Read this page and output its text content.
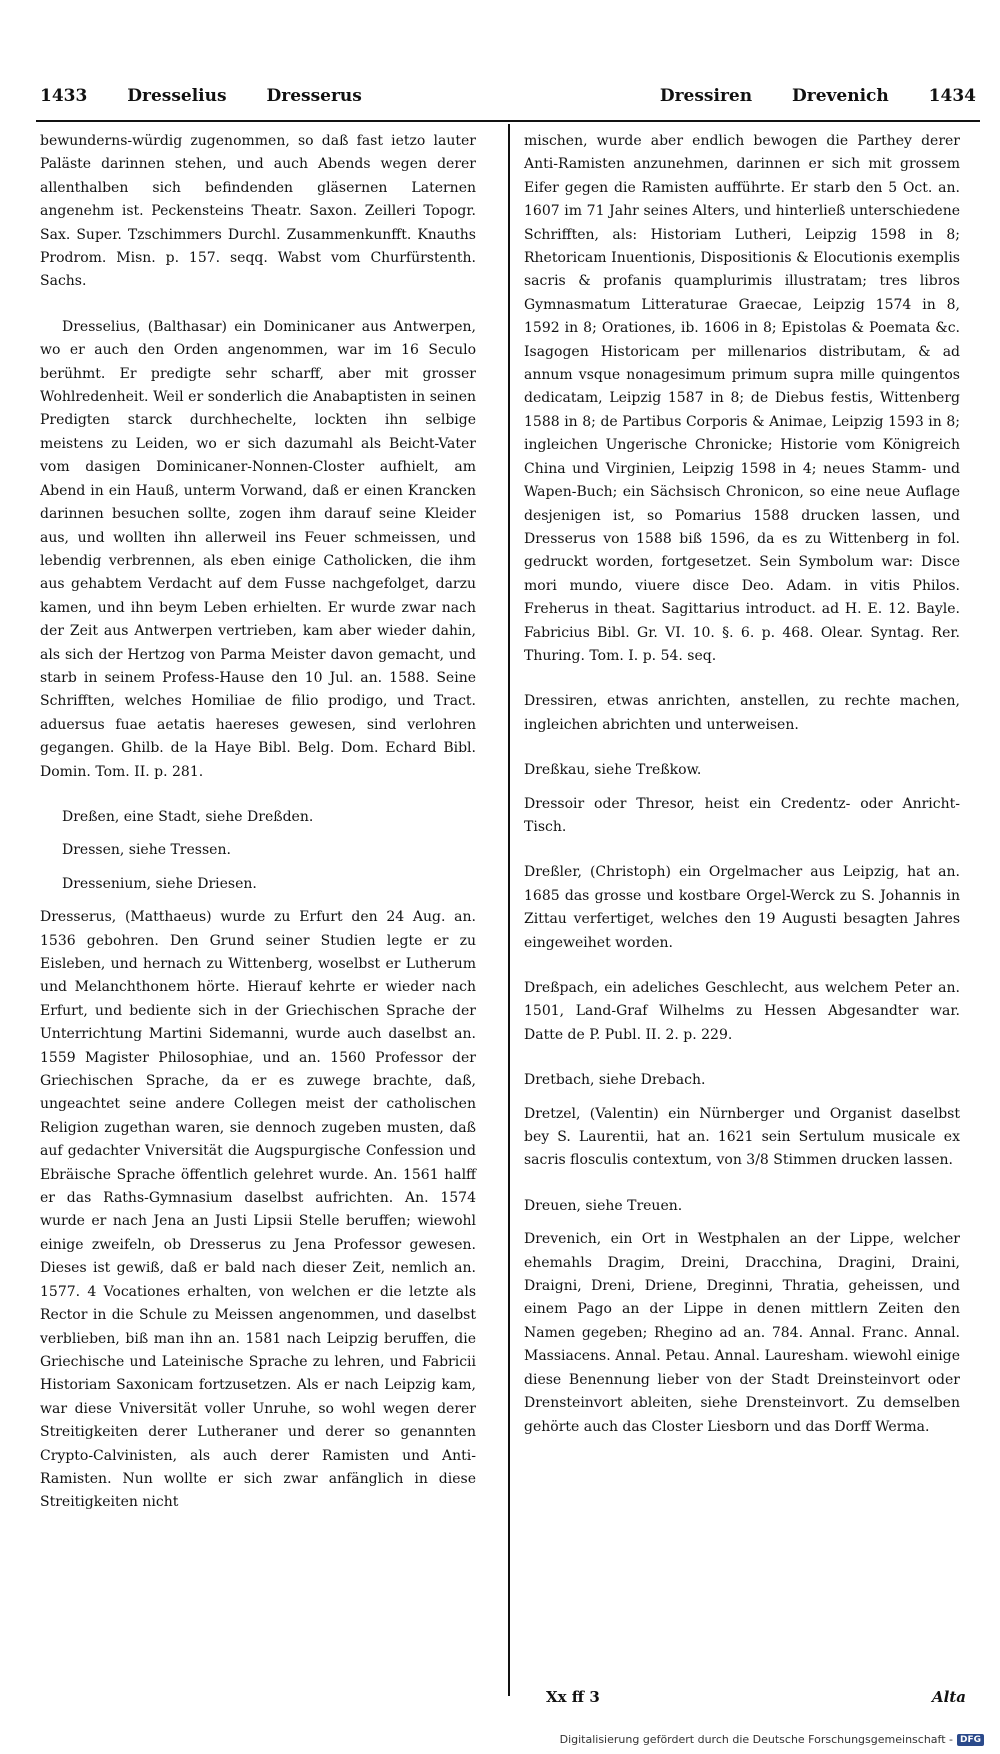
1433 Dresselius Dresserus	Dressiren Drevenich 1434

bewunderns-würdig zugenommen, so daß fast ietzo lauter Paläste darinnen stehen, und auch Abends wegen derer allenthalben sich befindenden gläsernen Laternen angenehm ist. Peckensteins Theatr. Saxon. Zeilleri Topogr. Sax. Super. Tzschimmers Durchl. Zusammenkunfft. Knauths Prodrom. Misn. p. 157. seqq. Wabst vom Churfürstenth. Sachs.

Dresselius, (Balthasar) ein Dominicaner aus Antwerpen, wo er auch den Orden angenommen, war im 16 Seculo berühmt. Er predigte sehr scharff, aber mit grosser Wohlredenheit. Weil er sonderlich die Anabaptisten in seinen Predigten starck durchhechelte, lockten ihn selbige meistens zu Leiden, wo er sich dazumahl als Beicht-Vater vom dasigen Dominicaner-Nonnen-Closter aufhielt, am Abend in ein Hauß, unterm Vorwand, daß er einen Krancken darinnen besuchen sollte, zogen ihm darauf seine Kleider aus, und wollten ihn allerweil ins Feuer schmeissen, und lebendig verbrennen, als eben einige Catholicken, die ihm aus gehabtem Verdacht auf dem Fusse nachgefolget, darzu kamen, und ihn beym Leben erhielten. Er wurde zwar nach der Zeit aus Antwerpen vertrieben, kam aber wieder dahin, als sich der Hertzog von Parma Meister davon gemacht, und starb in seinem Profess-Hause den 10 Jul. an. 1588. Seine Schrifften, welches Homiliae de filio prodigo, und Tract. aduersus fuae aetatis haereses gewesen, sind verlohren gegangen. Ghilb. de la Haye Bibl. Belg. Dom. Echard Bibl. Domin. Tom. II. p. 281.

Dreßen, eine Stadt, siehe Dreßden.

Dressen, siehe Tressen.

Dressenium, siehe Driesen.

Dresserus, (Matthaeus) wurde zu Erfurt den 24 Aug. an. 1536 gebohren. Den Grund seiner Studien legte er zu Eisleben, und hernach zu Wittenberg, woselbst er Lutherum und Melanchthonem hörte. Hierauf kehrte er wieder nach Erfurt, und bediente sich in der Griechischen Sprache der Unterrichtung Martini Sidemanni, wurde auch daselbst an. 1559 Magister Philosophiae, und an. 1560 Professor der Griechischen Sprache, da er es zuwege brachte, daß, ungeachtet seine andere Collegen meist der catholischen Religion zugethan waren, sie dennoch zugeben musten, daß auf gedachter Vniversität die Augspurgische Confession und Ebräische Sprache öffentlich gelehret wurde. An. 1561 halff er das Raths-Gymnasium daselbst aufrichten. An. 1574 wurde er nach Jena an Justi Lipsii Stelle beruffen; wiewohl einige zweifeln, ob Dresserus zu Jena Professor gewesen. Dieses ist gewiß, daß er bald nach dieser Zeit, nemlich an. 1577. 4 Vocationes erhalten, von welchen er die letzte als Rector in die Schule zu Meissen angenommen, und daselbst verblieben, biß man ihn an. 1581 nach Leipzig beruffen, die Griechische und Lateinische Sprache zu lehren, und Fabricii Historiam Saxonicam fortzusetzen. Als er nach Leipzig kam, war diese Vniversität voller Unruhe, so wohl wegen derer Streitigkeiten derer Lutheraner und derer so genannten Crypto-Calvinisten, als auch derer Ramisten und Anti-Ramisten. Nun wollte er sich zwar anfänglich in diese Streitigkeiten nicht

mischen, wurde aber endlich bewogen die Parthey derer Anti-Ramisten anzunehmen, darinnen er sich mit grossem Eifer gegen die Ramisten aufführte. Er starb den 5 Oct. an. 1607 im 71 Jahr seines Alters, und hinterließ unterschiedene Schrifften, als: Historiam Lutheri, Leipzig 1598 in 8; Rhetoricam Inuentionis, Dispositionis & Elocutionis exemplis sacris & profanis quamplurimis illustratam; tres libros Gymnasmatum Litteraturae Graecae, Leipzig 1574 in 8, 1592 in 8; Orationes, ib. 1606 in 8; Epistolas & Poemata &c. Isagogen Historicam per millenarios distributam, & ad annum vsque nonagesimum primum supra mille quingentos dedicatam, Leipzig 1587 in 8; de Diebus festis, Wittenberg 1588 in 8; de Partibus Corporis & Animae, Leipzig 1593 in 8; ingleichen Ungerische Chronicke; Historie vom Königreich China und Virginien, Leipzig 1598 in 4; neues Stamm- und Wapen-Buch; ein Sächsisch Chronicon, so eine neue Auflage desjenigen ist, so Pomarius 1588 drucken lassen, und Dresserus von 1588 biß 1596, da es zu Wittenberg in fol. gedruckt worden, fortgesetzet. Sein Symbolum war: Disce mori mundo, viuere disce Deo. Adam. in vitis Philos. Freherus in theat. Sagittarius introduct. ad H. E. 12. Bayle. Fabricius Bibl. Gr. VI. 10. §. 6. p. 468. Olear. Syntag. Rer. Thuring. Tom. I. p. 54. seq.

Dressiren, etwas anrichten, anstellen, zu rechte machen, ingleichen abrichten und unterweisen.

Dreßkau, siehe Treßkow.

Dressoir oder Thresor, heist ein Credentz- oder Anricht-Tisch.

Dreßler, (Christoph) ein Orgelmacher aus Leipzig, hat an. 1685 das grosse und kostbare Orgel-Werck zu S. Johannis in Zittau verfertiget, welches den 19 Augusti besagten Jahres eingeweihet worden.

Dreßpach, ein adeliches Geschlecht, aus welchem Peter an. 1501, Land-Graf Wilhelms zu Hessen Abgesandter war. Datte de P. Publ. II. 2. p. 229.

Dretbach, siehe Drebach.

Dretzel, (Valentin) ein Nürnberger und Organist daselbst bey S. Laurentii, hat an. 1621 sein Sertulum musicale ex sacris flosculis contextum, von 3/8 Stimmen drucken lassen.

Dreuen, siehe Treuen.

Drevenich, ein Ort in Westphalen an der Lippe, welcher ehemahls Dragim, Dreini, Dracchina, Dragini, Draini, Draigni, Dreni, Driene, Dreginni, Thratia, geheissen, und einem Pago an der Lippe in denen mittlern Zeiten den Namen gegeben; Rhegino ad an. 784. Annal. Franc. Annal. Massiacens. Annal. Petau. Annal. Lauresham. wiewohl einige diese Benennung lieber von der Stadt Dreinsteinvort oder Drensteinvort ableiten, siehe Drensteinvort. Zu demselben gehörte auch das Closter Liesborn und das Dorff Werma.

Xx ff 3	Alta
Digitalisierung gefördert durch die Deutsche Forschungsgemeinschaft - DFG
